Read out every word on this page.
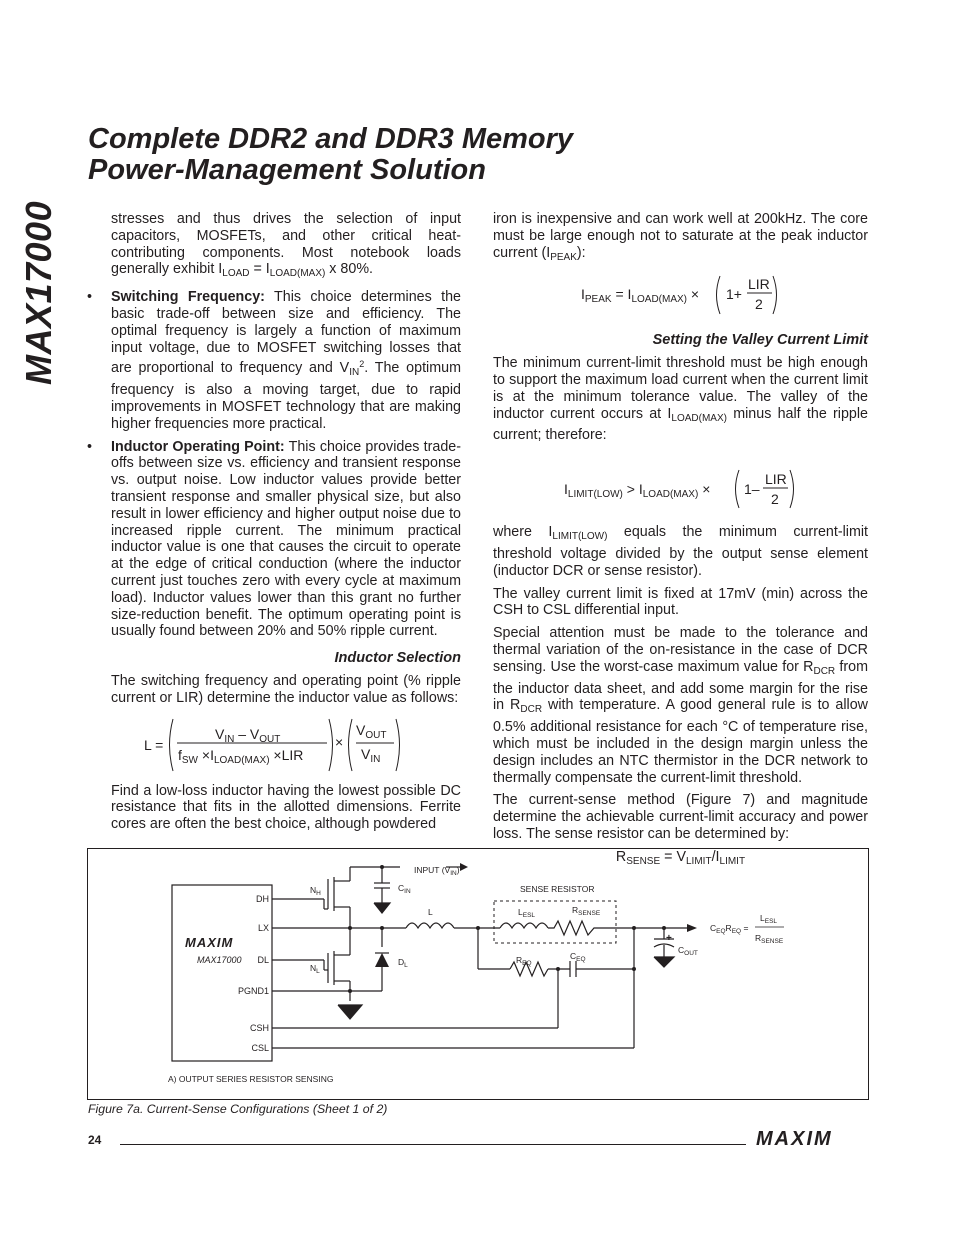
MAX17000
Complete DDR2 and DDR3 Memory
Power-Management Solution

stresses and thus drives the selection of input capacitors, MOSFETs, and other critical heat-contributing components. Most notebook loads generally exhibit $I_{LOAD} = I_{LOAD(MAX)}$ x 80%.

• Switching Frequency: This choice determines the basic trade-off between size and efficiency. The optimal frequency is largely a function of maximum input voltage, due to MOSFET switching losses that are proportional to frequency and $V_{IN}^2$. The optimum frequency is also a moving target, due to rapid improvements in MOSFET technology that are making higher frequencies more practical.

• Inductor Operating Point: This choice provides trade-offs between size vs. efficiency and transient response vs. output noise. Low inductor values provide better transient response and smaller physical size, but also result in lower efficiency and higher output noise due to increased ripple current. The minimum practical inductor value is one that causes the circuit to operate at the edge of critical conduction (where the inductor current just touches zero with every cycle at maximum load). Inductor values lower than this grant no further size-reduction benefit. The optimum operating point is usually found between 20% and 50% ripple current.

Inductor Selection

The switching frequency and operating point (% ripple current or LIR) determine the inductor value as follows:

L =
$V_{IN} - V_{OUT}$
$f_{SW} \times I_{LOAD(MAX)} \times LIR$
×
$V_{OUT}$
$V_{IN}$

Find a low-loss inductor having the lowest possible DC resistance that fits in the allotted dimensions. Ferrite cores are often the best choice, although powdered

iron is inexpensive and can work well at 200kHz. The core must be large enough not to saturate at the peak inductor current $(I_{PEAK})$:

$I_{PEAK} = I_{LOAD(MAX)} \times 1+$
LIR
2

Setting the Valley Current Limit

The minimum current-limit threshold must be high enough to support the maximum load current when the current limit is at the minimum tolerance value. The valley of the inductor current occurs at $I_{LOAD(MAX)}$ minus half the ripple current; therefore:

$I_{LIMIT(LOW)} > I_{LOAD(MAX)} \times 1-$
LIR
2

where $I_{LIMIT(LOW)}$ equals the minimum current-limit threshold voltage divided by the output sense element (inductor DCR or sense resistor).

The valley current limit is fixed at 17mV (min) across the CSH to CSL differential input.

Special attention must be made to the tolerance and thermal variation of the on-resistance in the case of DCR sensing. Use the worst-case maximum value for $R_{DCR}$ from the inductor data sheet, and add some margin for the rise in $R_{DCR}$ with temperature. A good general rule is to allow 0.5% additional resistance for each °C of temperature rise, which must be included in the design margin unless the design includes an NTC thermistor in the DCR network to thermally compensate the current-limit threshold.

The current-sense method (Figure 7) and magnitude determine the achievable current-limit accuracy and power loss. The sense resistor can be determined by:

$R_{SENSE} = V_{LIMIT}/I_{LIMIT}$
DH
LX
DL
PGND1
CSH
CSL
MAXIM
MAX17000
INPUT $(V_{IN})$
$N_H$
$N_L$
$C_{IN}$
L
$D_L$
SENSE RESISTOR
$L_{ESL}$
$R_{SENSE}$
$R_{EQ}$
$C_{EQ}$
$C_{OUT}$
$C_{EQ}R_{EQ}$ =
$L_{ESL}$
$R_{SENSE}$
A) OUTPUT SERIES RESISTOR SENSING
+
Figure 7a. Current-Sense Configurations (Sheet 1 of 2)
24	MAXIM
